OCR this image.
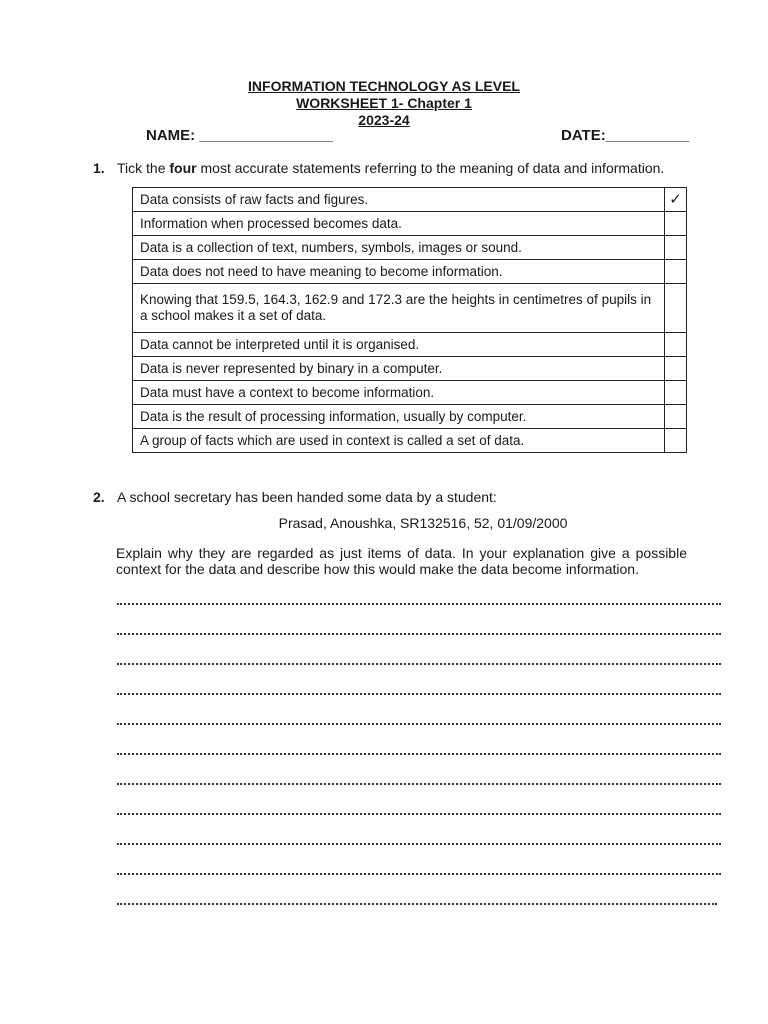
INFORMATION TECHNOLOGY AS LEVEL
WORKSHEET 1- Chapter 1
2023-24
NAME: ________________	DATE:__________
1. Tick the four most accurate statements referring to the meaning of data and information.
Data consists of raw facts and figures.	✓
Information when processed becomes data.	
Data is a collection of text, numbers, symbols, images or sound.	
Data does not need to have meaning to become information.	
Knowing that 159.5, 164.3, 162.9 and 172.3 are the heights in centimetres of pupils in a school makes it a set of data.	
Data cannot be interpreted until it is organised.	
Data is never represented by binary in a computer.	
Data must have a context to become information.	
Data is the result of processing information, usually by computer.	
A group of facts which are used in context is called a set of data.	
2. A school secretary has been handed some data by a student:
Prasad, Anoushka, SR132516, 52, 01/09/2000
Explain why they are regarded as just items of data. In your explanation give a possible context for the data and describe how this would make the data become information.
